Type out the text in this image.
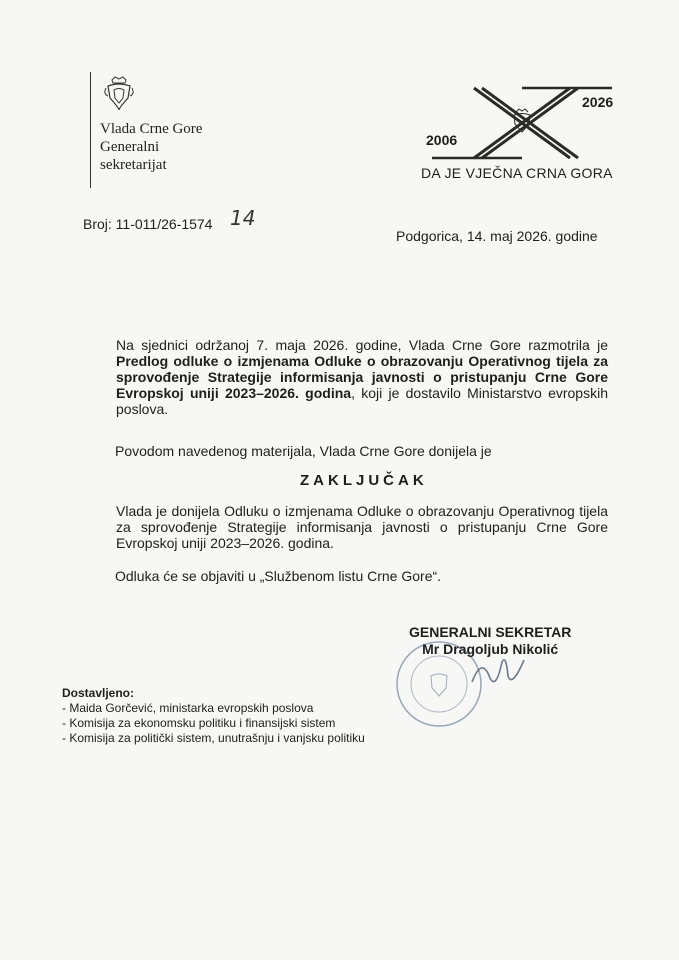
Vlada Crne Gore
Generalni
sekretarijat
2006
2026
DA JE VJEČNA CRNA GORA
Broj: 11-011/26-1574 14
Podgorica, 14. maj 2026. godine
Na sjednici održanoj 7. maja 2026. godine, Vlada Crne Gore razmotrila je Predlog odluke o izmjenama Odluke o obrazovanju Operativnog tijela za sprovođenje Strategije informisanja javnosti o pristupanju Crne Gore Evropskoj uniji 2023–2026. godina, koji je dostavilo Ministarstvo evropskih poslova.
Povodom navedenog materijala, Vlada Crne Gore donijela je
ZAKLJUČAK
Vlada je donijela Odluku o izmjenama Odluke o obrazovanju Operativnog tijela za sprovođenje Strategije informisanja javnosti o pristupanju Crne Gore Evropskoj uniji 2023–2026. godina.
Odluka će se objaviti u „Službenom listu Crne Gore“.
GENERALNI SEKRETAR
Mr Dragoljub Nikolić
Dostavljeno:
- Maida Gorčević, ministarka evropskih poslova
- Komisija za ekonomsku politiku i finansijski sistem
- Komisija za politički sistem, unutrašnju i vanjsku politiku
